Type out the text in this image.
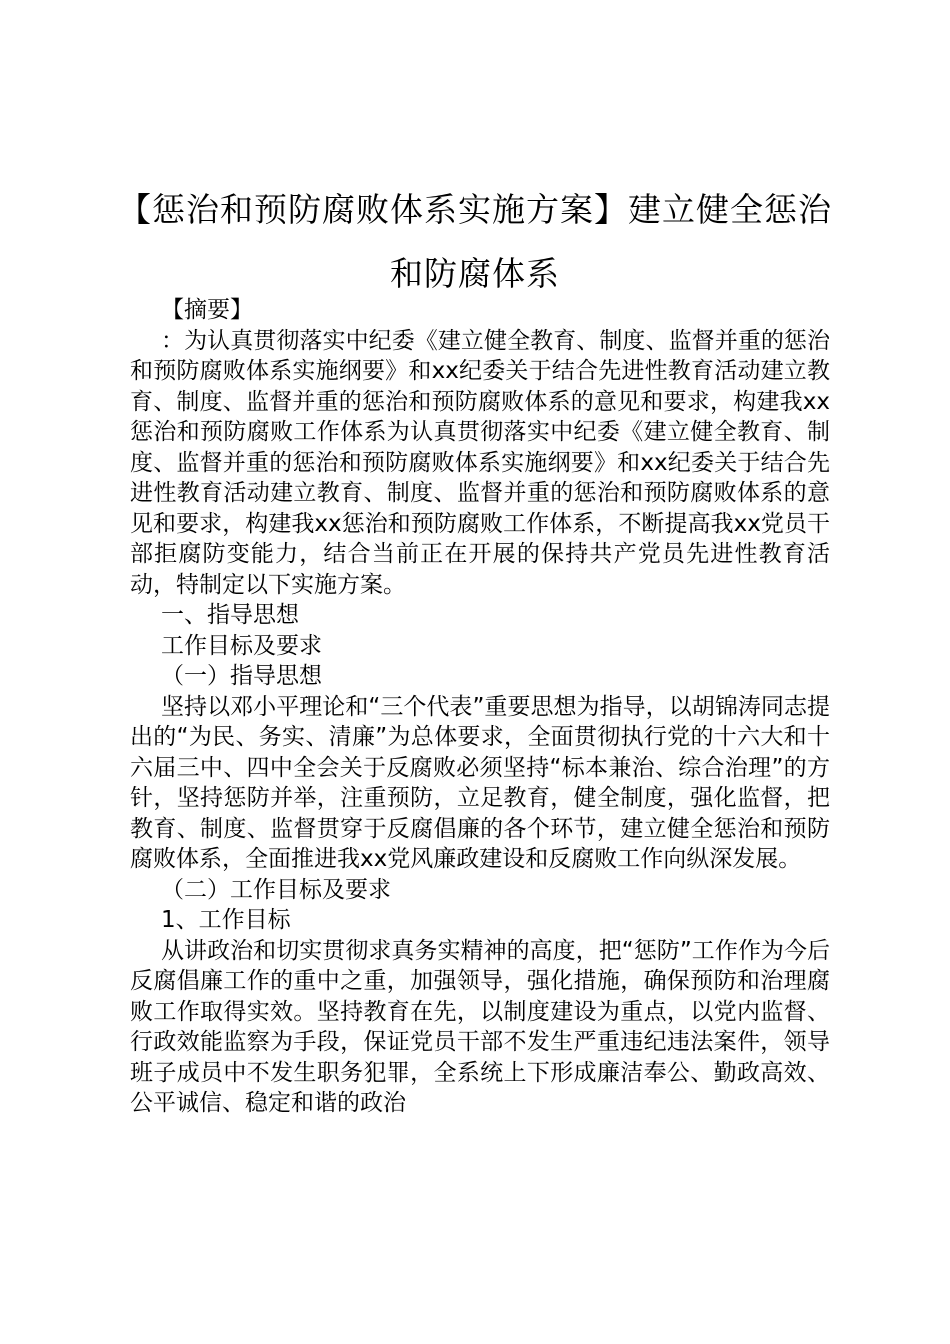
【惩治和预防腐败体系实施方案】建立健全惩治和防腐体系

【摘要】

：为认真贯彻落实中纪委《建立健全教育、制度、监督并重的惩治和预防腐败体系实施纲要》和xx纪委关于结合先进性教育活动建立教育、制度、监督并重的惩治和预防腐败体系的意见和要求，构建我xx惩治和预防腐败工作体系为认真贯彻落实中纪委《建立健全教育、制度、监督并重的惩治和预防腐败体系实施纲要》和xx纪委关于结合先进性教育活动建立教育、制度、监督并重的惩治和预防腐败体系的意见和要求，构建我xx惩治和预防腐败工作体系，不断提高我xx党员干部拒腐防变能力，结合当前正在开展的保持共产党员先进性教育活动，特制定以下实施方案。

一、指导思想

工作目标及要求

（一）指导思想

坚持以邓小平理论和“三个代表”重要思想为指导，以胡锦涛同志提出的“为民、务实、清廉”为总体要求，全面贯彻执行党的十六大和十六届三中、四中全会关于反腐败必须坚持“标本兼治、综合治理”的方针，坚持惩防并举，注重预防，立足教育，健全制度，强化监督，把教育、制度、监督贯穿于反腐倡廉的各个环节，建立健全惩治和预防腐败体系，全面推进我xx党风廉政建设和反腐败工作向纵深发展。

（二）工作目标及要求

1、工作目标

从讲政治和切实贯彻求真务实精神的高度，把“惩防”工作作为今后反腐倡廉工作的重中之重，加强领导，强化措施，确保预防和治理腐败工作取得实效。坚持教育在先，以制度建设为重点，以党内监督、行政效能监察为手段，保证党员干部不发生严重违纪违法案件，领导班子成员中不发生职务犯罪，全系统上下形成廉洁奉公、勤政高效、公平诚信、稳定和谐的政治
